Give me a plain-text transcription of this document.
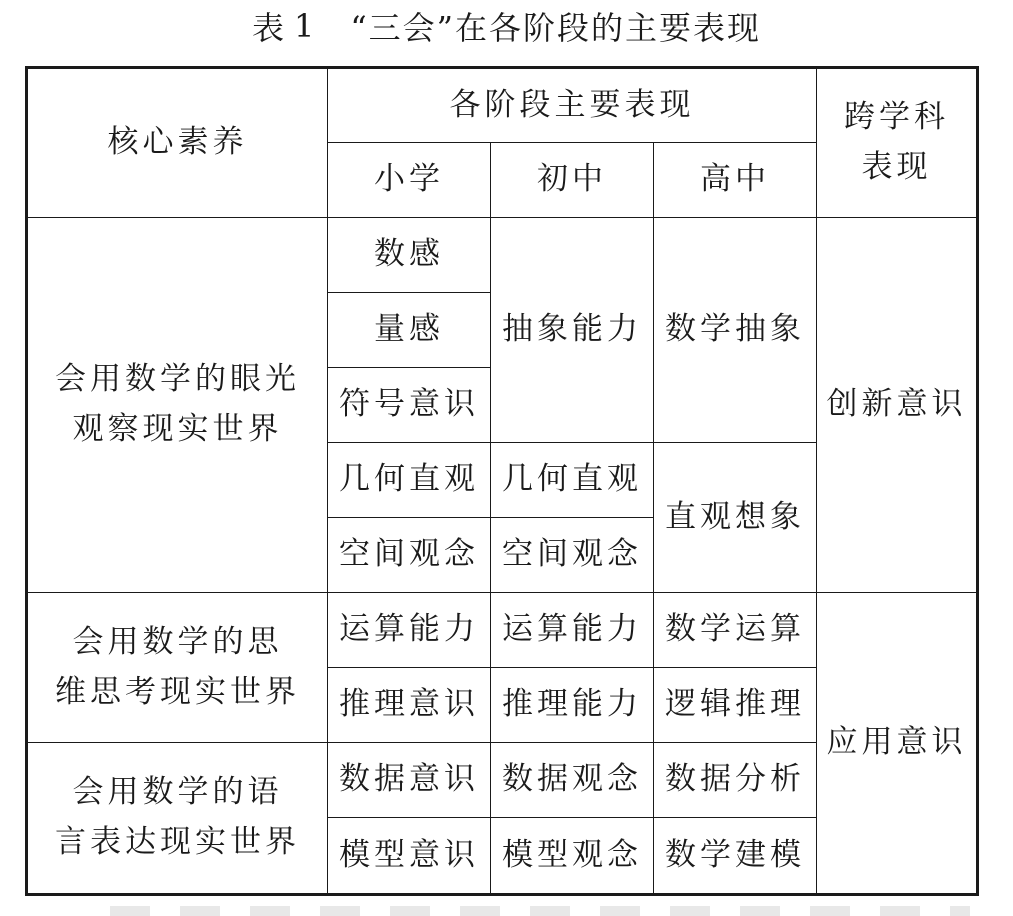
表 1 “三会”在各阶段的主要表现
核心素养	各阶段主要表现			跨学科表现
	小学	初中	高中	

会用数学的眼光
观察现实世界	数感	抽象能力	数学抽象	创新意识
	量感			
	符号意识			
	几何直观	几何直观	直观想象	
	空间观念	空间观念		

会用数学的思
维思考现实世界	运算能力	运算能力	数学运算	应用意识
	推理意识	推理能力	逻辑推理	

会用数学的语
言表达现实世界	数据意识	数据观念	数据分析	
	模型意识	模型观念	数学建模	
